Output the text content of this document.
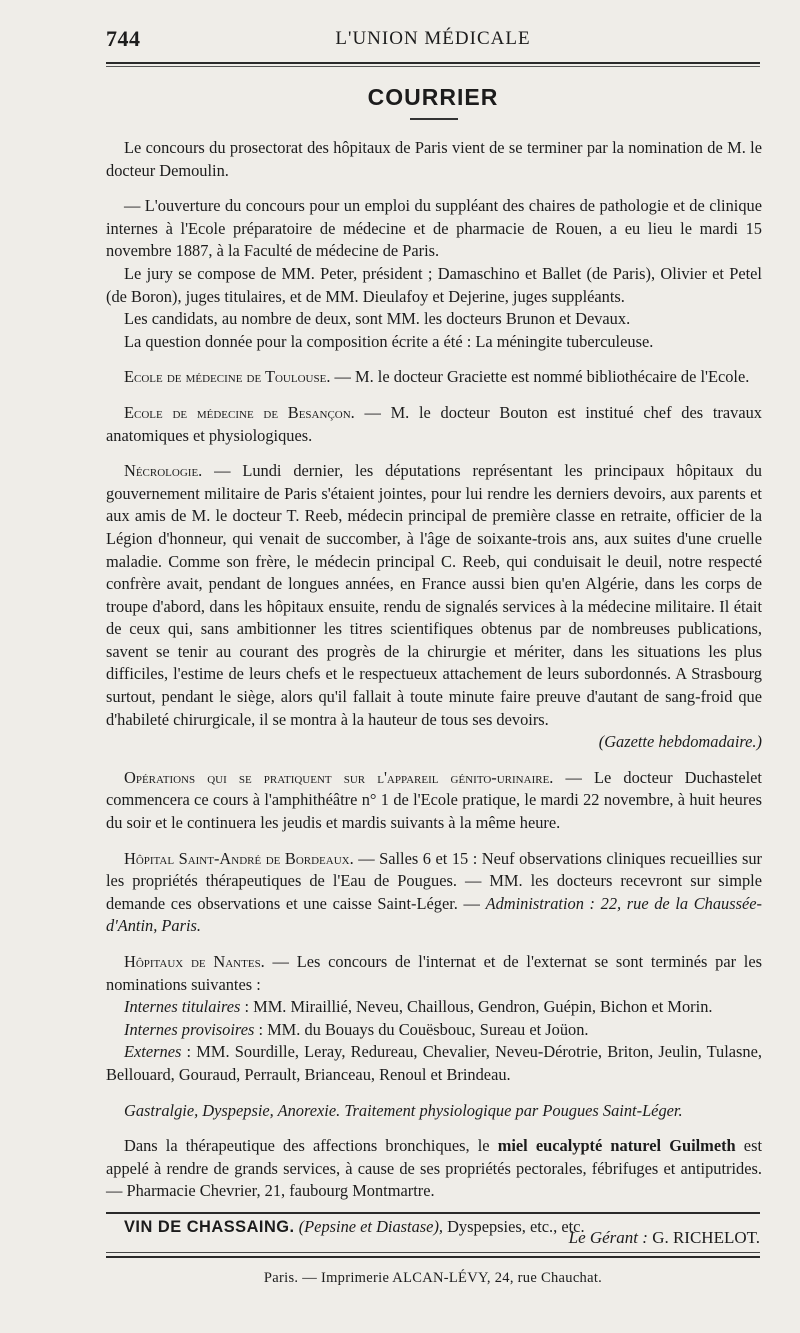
744	L'UNION MÉDICALE
COURRIER

Le concours du prosectorat des hôpitaux de Paris vient de se terminer par la nomination de M. le docteur Demoulin.

— L'ouverture du concours pour un emploi du suppléant des chaires de pathologie et de clinique internes à l'Ecole préparatoire de médecine et de pharmacie de Rouen, a eu lieu le mardi 15 novembre 1887, à la Faculté de médecine de Paris.

Le jury se compose de MM. Peter, président ; Damaschino et Ballet (de Paris), Olivier et Petel (de Boron), juges titulaires, et de MM. Dieulafoy et Dejerine, juges suppléants.

Les candidats, au nombre de deux, sont MM. les docteurs Brunon et Devaux.

La question donnée pour la composition écrite a été : La méningite tuberculeuse.

Ecole de médecine de Toulouse. — M. le docteur Graciette est nommé bibliothécaire de l'Ecole.

Ecole de médecine de Besançon. — M. le docteur Bouton est institué chef des travaux anatomiques et physiologiques.

Nécrologie. — Lundi dernier, les députations représentant les principaux hôpitaux du gouvernement militaire de Paris s'étaient jointes, pour lui rendre les derniers devoirs, aux parents et aux amis de M. le docteur T. Reeb, médecin principal de première classe en retraite, officier de la Légion d'honneur, qui venait de succomber, à l'âge de soixante-trois ans, aux suites d'une cruelle maladie. Comme son frère, le médecin principal C. Reeb, qui conduisait le deuil, notre respecté confrère avait, pendant de longues années, en France aussi bien qu'en Algérie, dans les corps de troupe d'abord, dans les hôpitaux ensuite, rendu de signalés services à la médecine militaire. Il était de ceux qui, sans ambitionner les titres scientifiques obtenus par de nombreuses publications, savent se tenir au courant des progrès de la chirurgie et mériter, dans les situations les plus difficiles, l'estime de leurs chefs et le respectueux attachement de leurs subordonnés. A Strasbourg surtout, pendant le siège, alors qu'il fallait à toute minute faire preuve d'autant de sang-froid que d'habileté chirurgicale, il se montra à la hauteur de tous ses devoirs.

(Gazette hebdomadaire.)

Opérations qui se pratiquent sur l'appareil génito-urinaire. — Le docteur Duchastelet commencera ce cours à l'amphithéâtre n° 1 de l'Ecole pratique, le mardi 22 novembre, à huit heures du soir et le continuera les jeudis et mardis suivants à la même heure.

Hôpital Saint-André de Bordeaux. — Salles 6 et 15 : Neuf observations cliniques recueillies sur les propriétés thérapeutiques de l'Eau de Pougues. — MM. les docteurs recevront sur simple demande ces observations et une caisse Saint-Léger. — Administration : 22, rue de la Chaussée-d'Antin, Paris.

Hôpitaux de Nantes. — Les concours de l'internat et de l'externat se sont terminés par les nominations suivantes :

Internes titulaires : MM. Miraillié, Neveu, Chaillous, Gendron, Guépin, Bichon et Morin.

Internes provisoires : MM. du Bouays du Couësbouc, Sureau et Joüon.

Externes : MM. Sourdille, Leray, Redureau, Chevalier, Neveu-Dérotrie, Briton, Jeulin, Tulasne, Bellouard, Gouraud, Perrault, Brianceau, Renoul et Brindeau.

Gastralgie, Dyspepsie, Anorexie. Traitement physiologique par Pougues Saint-Léger.

Dans la thérapeutique des affections bronchiques, le miel eucalypté naturel Guilmeth est appelé à rendre de grands services, à cause de ses propriétés pectorales, fébrifuges et antiputrides. — Pharmacie Chevrier, 21, faubourg Montmartre.

VIN DE CHASSAING. (Pepsine et Diastase), Dyspepsies, etc., etc.

Le Gérant : G. RICHELOT.
Paris. — Imprimerie ALCAN-LÉVY, 24, rue Chauchat.
